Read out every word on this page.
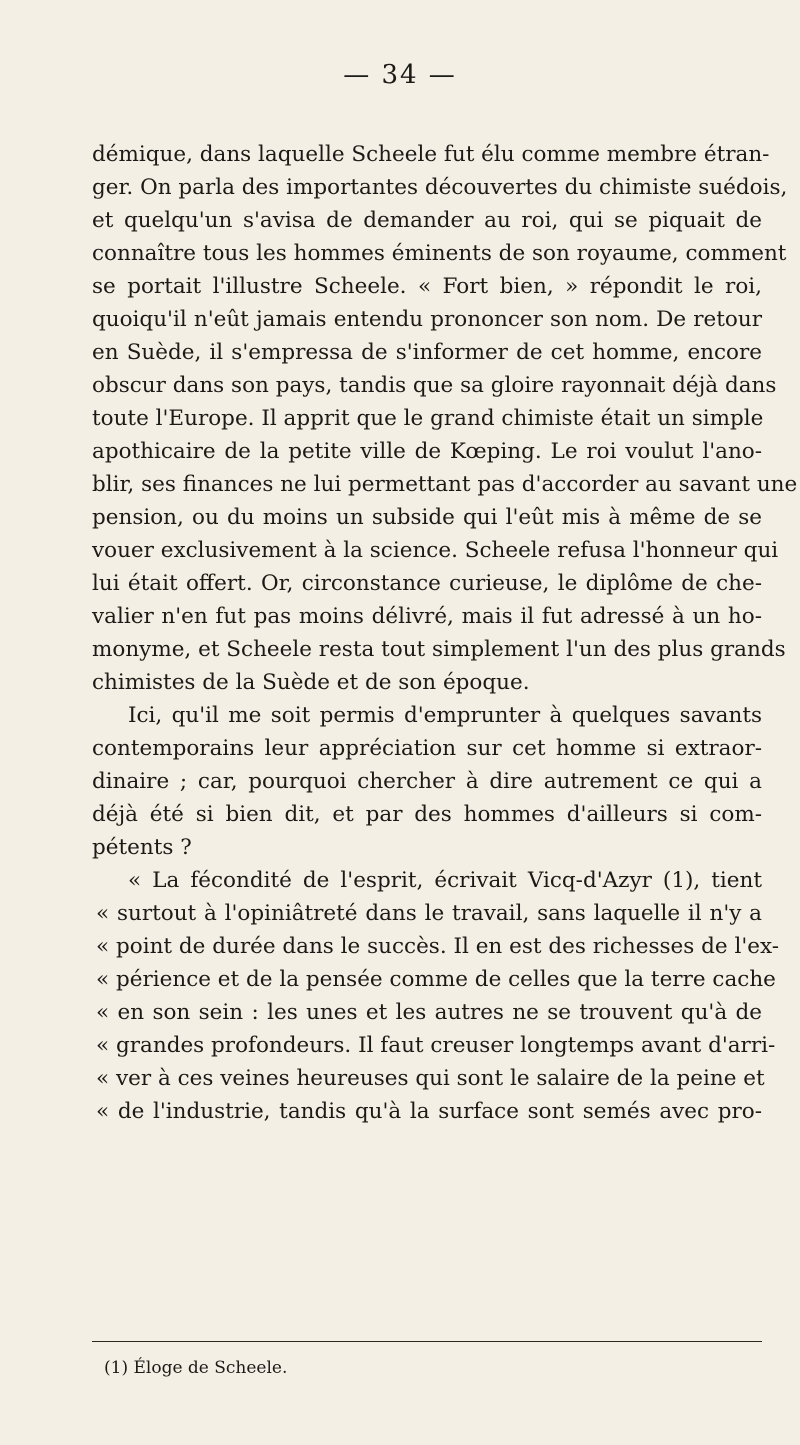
— 34 —
démique, dans laquelle Scheele fut élu comme membre étran-
ger. On parla des importantes découvertes du chimiste suédois,
et quelqu'un s'avisa de demander au roi, qui se piquait de
connaître tous les hommes éminents de son royaume, comment
se portait l'illustre Scheele. « Fort bien, » répondit le roi,
quoiqu'il n'eût jamais entendu prononcer son nom. De retour
en Suède, il s'empressa de s'informer de cet homme, encore
obscur dans son pays, tandis que sa gloire rayonnait déjà dans
toute l'Europe. Il apprit que le grand chimiste était un simple
apothicaire de la petite ville de Kœping. Le roi voulut l'ano-
blir, ses finances ne lui permettant pas d'accorder au savant une
pension, ou du moins un subside qui l'eût mis à même de se
vouer exclusivement à la science. Scheele refusa l'honneur qui
lui était offert. Or, circonstance curieuse, le diplôme de che-
valier n'en fut pas moins délivré, mais il fut adressé à un ho-
monyme, et Scheele resta tout simplement l'un des plus grands
chimistes de la Suède et de son époque.
Ici, qu'il me soit permis d'emprunter à quelques savants
contemporains leur appréciation sur cet homme si extraor-
dinaire ; car, pourquoi chercher à dire autrement ce qui a
déjà été si bien dit, et par des hommes d'ailleurs si com-
pétents ?
« La fécondité de l'esprit, écrivait Vicq-d'Azyr (1), tient
« surtout à l'opiniâtreté dans le travail, sans laquelle il n'y a
« point de durée dans le succès. Il en est des richesses de l'ex-
« périence et de la pensée comme de celles que la terre cache
« en son sein : les unes et les autres ne se trouvent qu'à de
« grandes profondeurs. Il faut creuser longtemps avant d'arri-
« ver à ces veines heureuses qui sont le salaire de la peine et
« de l'industrie, tandis qu'à la surface sont semés avec pro-
(1) Éloge de Scheele.
